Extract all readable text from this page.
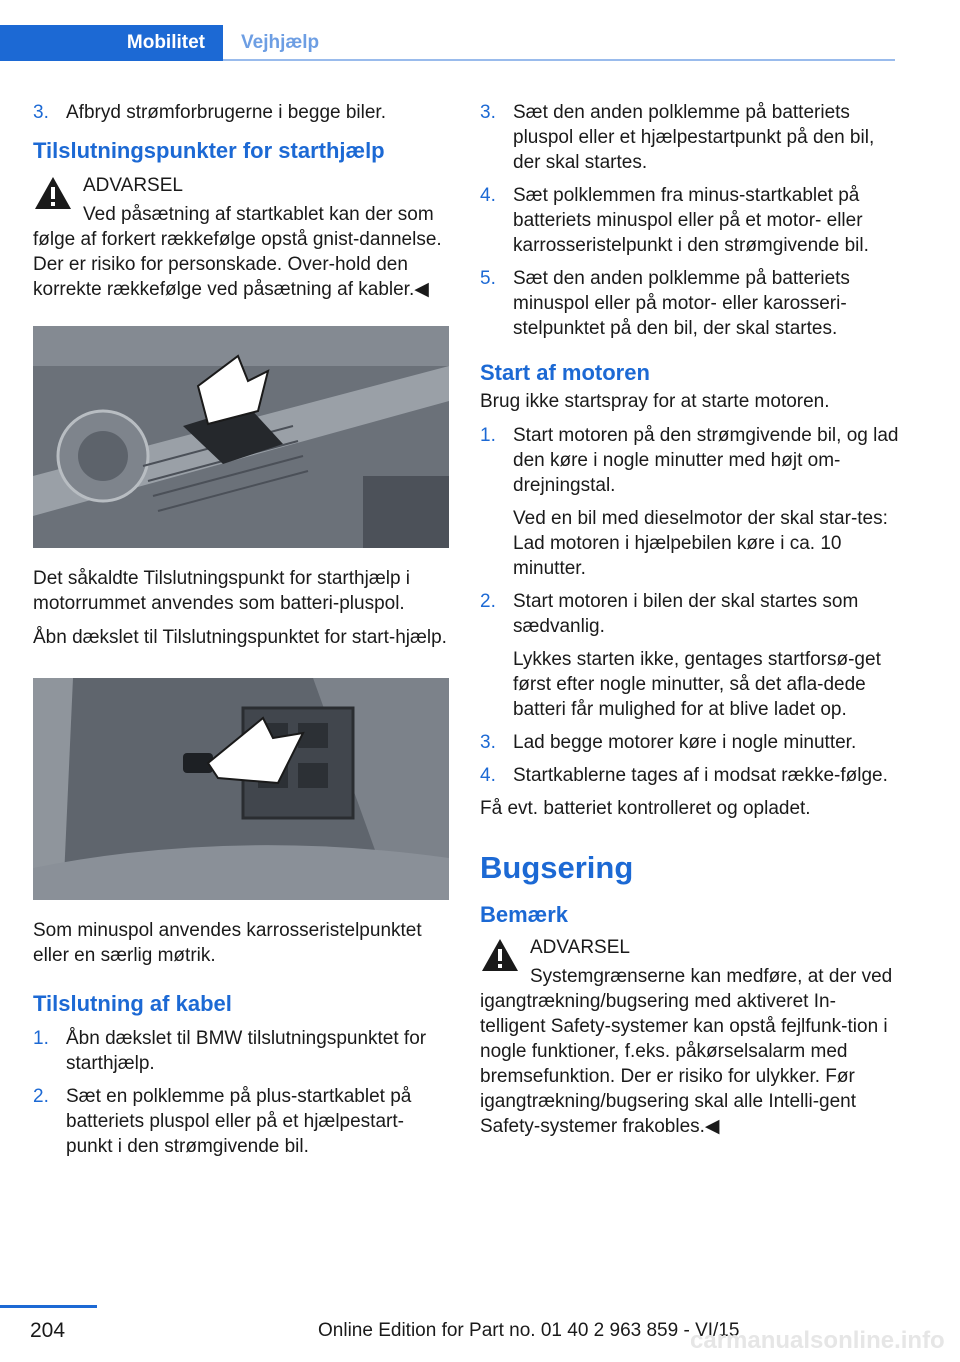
Mobilitet	Vejhjælp
3. Afbryd strømforbrugerne i begge biler.
Tilslutningspunkter for starthjælp
ADVARSEL

Ved påsætning af startkablet kan der som følge af forkert rækkefølge opstå gnist-dannelse. Der er risiko for personskade. Over-hold den korrekte rækkefølge ved påsætning af kabler.◀

Det såkaldte Tilslutningspunkt for starthjælp i motorrummet anvendes som batteri-pluspol.

Åbn dækslet til Tilslutningspunktet for start-hjælp.

Som minuspol anvendes karrosseristelpunktet eller en særlig møtrik.

Tilslutning af kabel
1. Åbn dækslet til BMW tilslutningspunktet for starthjælp.
2. Sæt en polklemme på plus-startkablet på batteriets pluspol eller på et hjælpestart-punkt i den strømgivende bil.
3. Sæt den anden polklemme på batteriets pluspol eller et hjælpestartpunkt på den bil, der skal startes.
4. Sæt polklemmen fra minus-startkablet på batteriets minuspol eller på et motor- eller karrosseristelpunkt i den strømgivende bil.
5. Sæt den anden polklemme på batteriets minuspol eller på motor- eller karosseri-stelpunktet på den bil, der skal startes.
Start af motoren

Brug ikke startspray for at starte motoren.

1. Start motoren på den strømgivende bil, og lad den køre i nogle minutter med højt om-drejningstal.
Ved en bil med dieselmotor der skal star-tes: Lad motoren i hjælpebilen køre i ca. 10 minutter.
2. Start motoren i bilen der skal startes som sædvanlig.
Lykkes starten ikke, gentages startforsø-get først efter nogle minutter, så det afla-dede batteri får mulighed for at blive ladet op.
3. Lad begge motorer køre i nogle minutter.
4. Startkablerne tages af i modsat række-følge.

Få evt. batteriet kontrolleret og opladet.

Bugsering
Bemærk
ADVARSEL

Systemgrænserne kan medføre, at der ved igangtrækning/bugsering med aktiveret In-telligent Safety-systemer kan opstå fejlfunk-tion i nogle funktioner, f.eks. påkørselsalarm med bremsefunktion. Der er risiko for ulykker. Før igangtrækning/bugsering skal alle Intelli-gent Safety-systemer frakobles.◀

204	Online Edition for Part no. 01 40 2 963 859 - VI/15
carmanualsonline.info
